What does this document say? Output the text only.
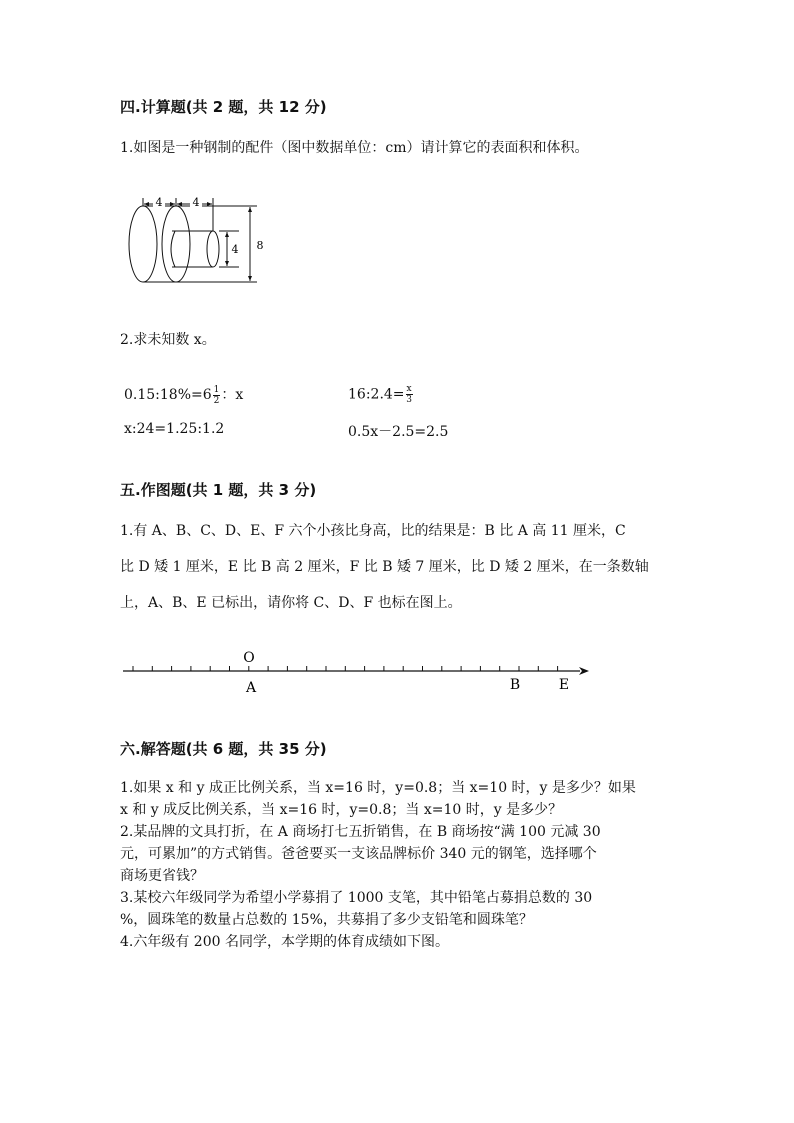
四.计算题(共 2 题，共 12 分)
1.如图是一种钢制的配件（图中数据单位：cm）请计算它的表面积和体积。
4	4
4 8
2.求未知数 x。
0.15:18%=6 $\frac{1}{2}$ ：x	16:2.4= $\frac{x}{3}$
x:24=1.25:1.2	0.5x－2.5=2.5
五.作图题(共 1 题，共 3 分)
1.有 A、B、C、D、E、F 六个小孩比身高，比的结果是：B 比 A 高 11 厘米，C
比 D 矮 1 厘米，E 比 B 高 2 厘米，F 比 B 矮 7 厘米，比 D 矮 2 厘米，在一条数轴
上，A、B、E 已标出，请你将 C、D、F 也标在图上。
O
A	B	E
六.解答题(共 6 题，共 35 分)
1.如果 x 和 y 成正比例关系，当 x=16 时，y=0.8；当 x=10 时，y 是多少？如果
x 和 y 成反比例关系，当 x=16 时，y=0.8；当 x=10 时，y 是多少？
2.某品牌的文具打折，在 A 商场打七五折销售，在 B 商场按“满 100 元减 30
元，可累加”的方式销售。爸爸要买一支该品牌标价 340 元的钢笔，选择哪个
商场更省钱？
3.某校六年级同学为希望小学募捐了 1000 支笔，其中铅笔占募捐总数的 30
%，圆珠笔的数量占总数的 15%，共募捐了多少支铅笔和圆珠笔？
4.六年级有 200 名同学，本学期的体育成绩如下图。
